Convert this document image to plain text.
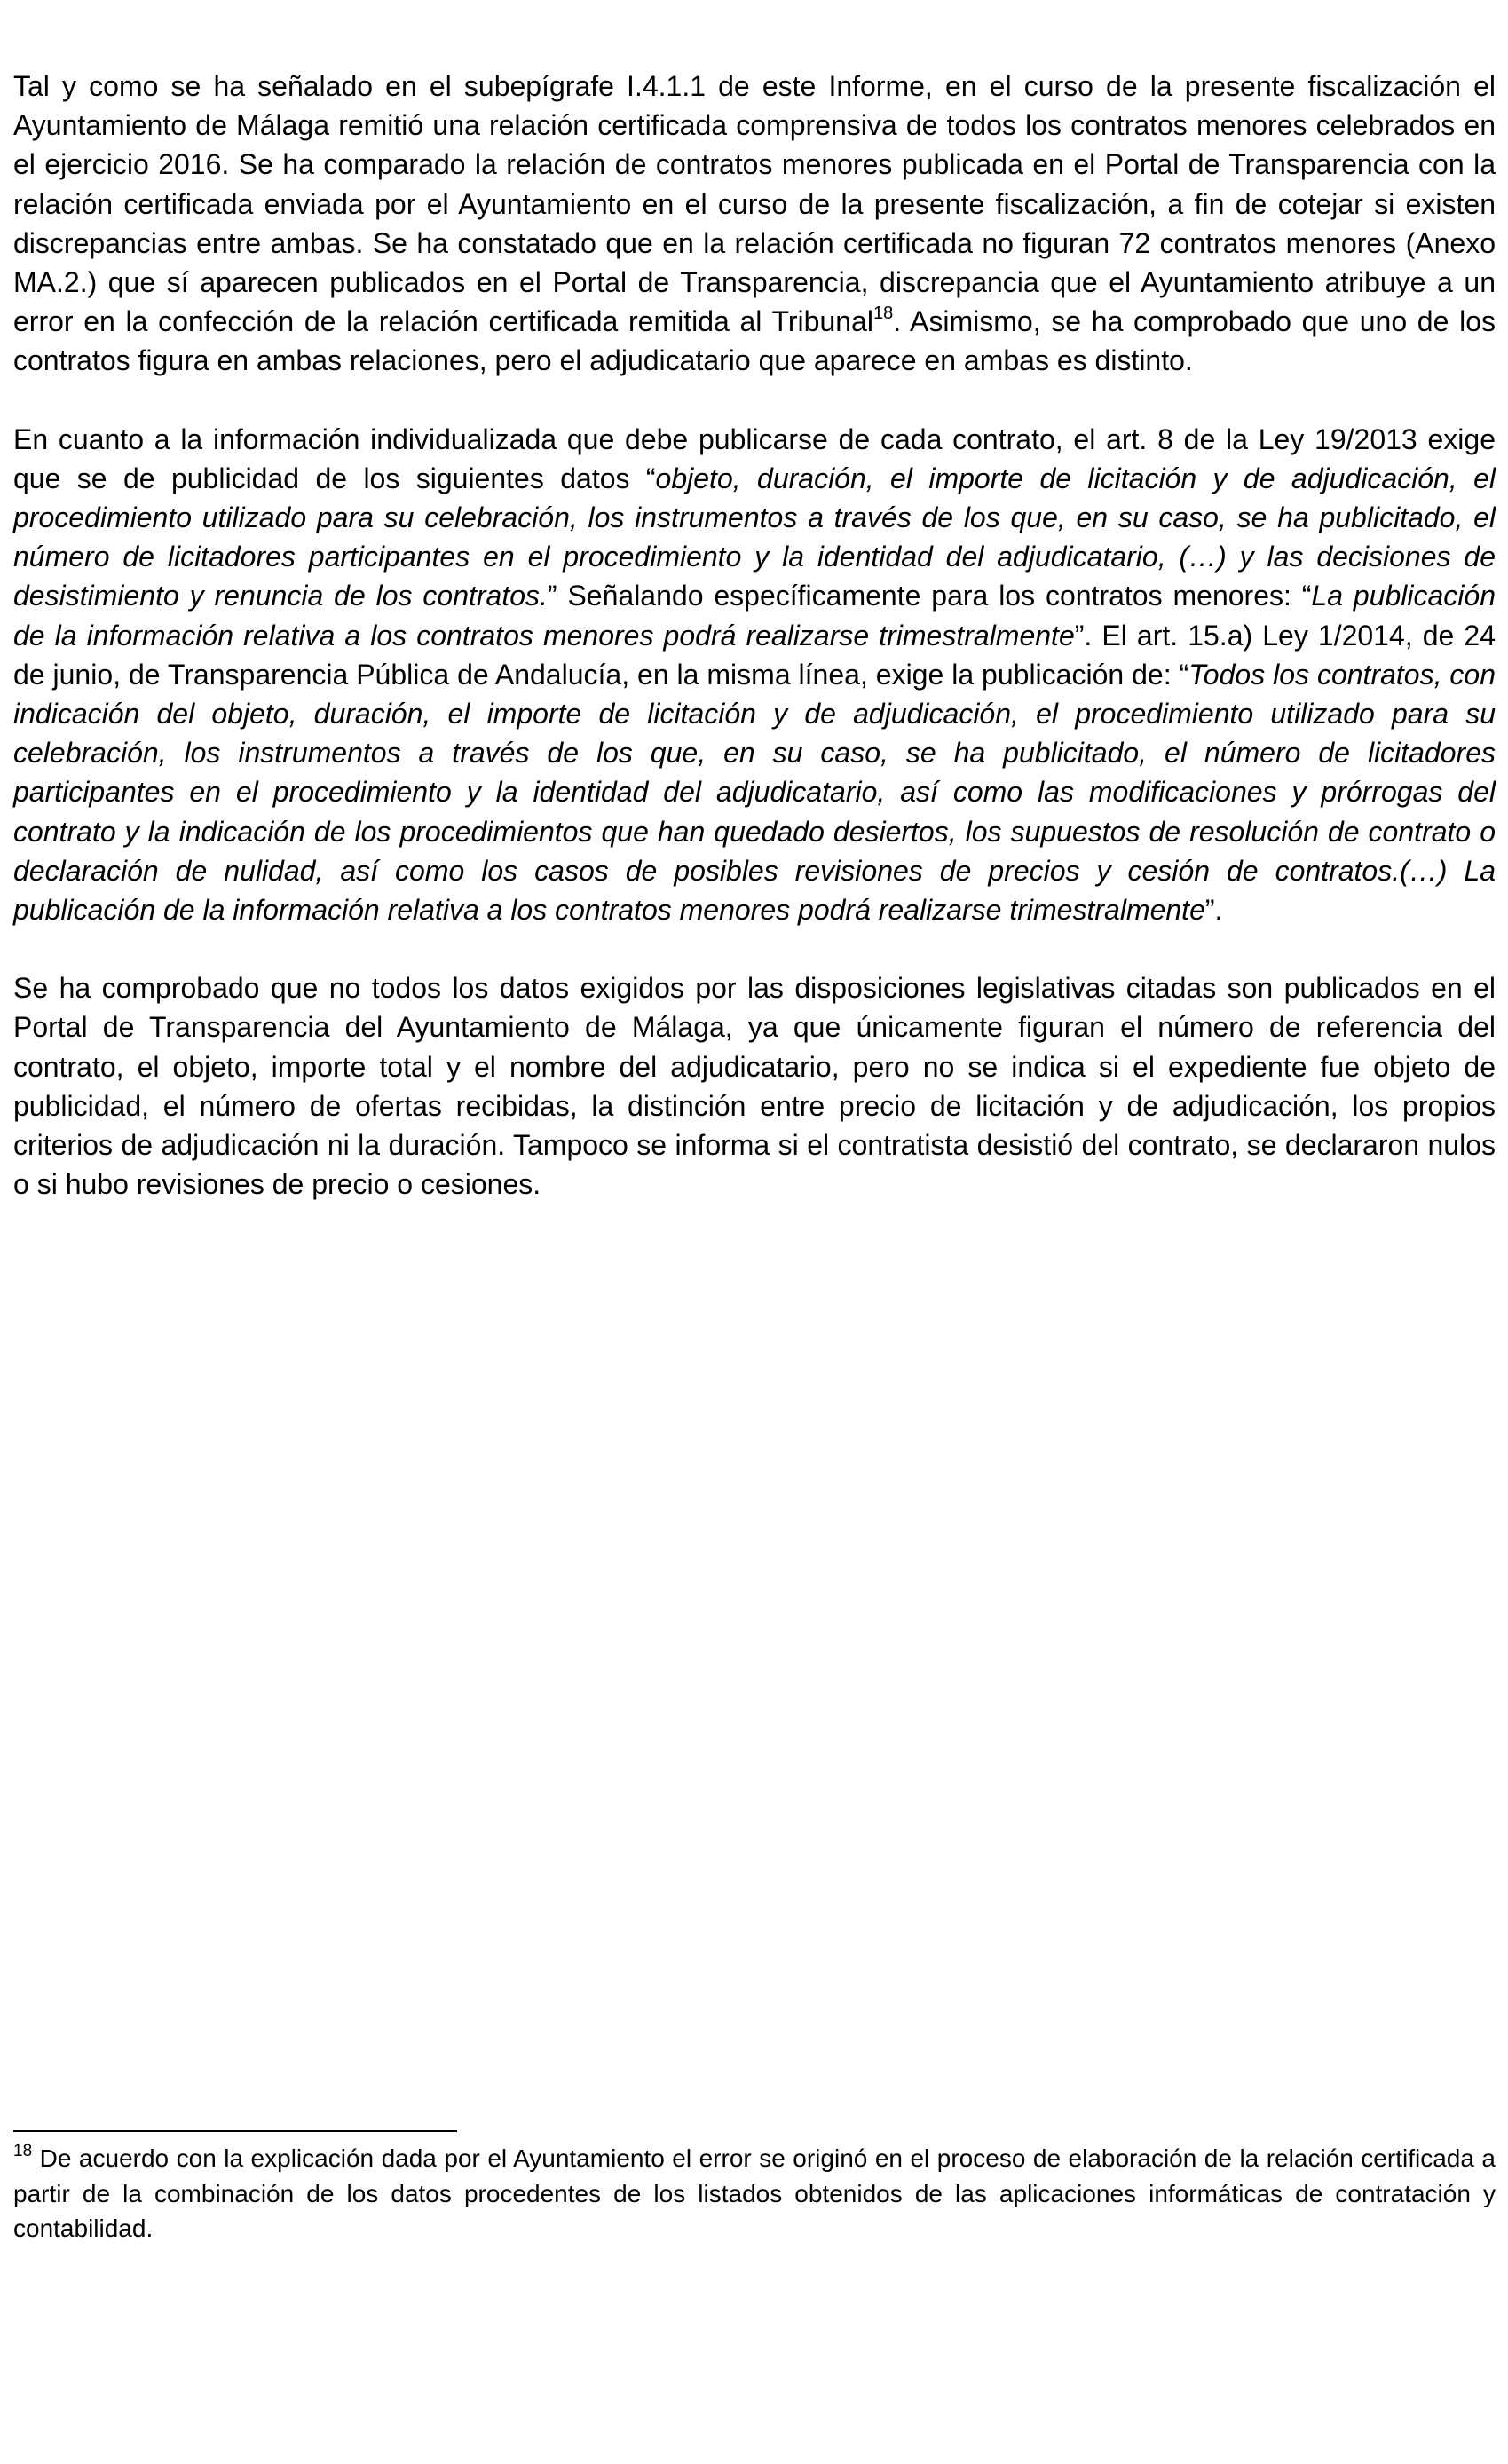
Tal y como se ha señalado en el subepígrafe I.4.1.1 de este Informe, en el curso de la presente fiscalización el Ayuntamiento de Málaga remitió una relación certificada comprensiva de todos los contratos menores celebrados en el ejercicio 2016. Se ha comparado la relación de contratos menores publicada en el Portal de Transparencia con la relación certificada enviada por el Ayuntamiento en el curso de la presente fiscalización, a fin de cotejar si existen discrepancias entre ambas. Se ha constatado que en la relación certificada no figuran 72 contratos menores (Anexo MA.2.) que sí aparecen publicados en el Portal de Transparencia, discrepancia que el Ayuntamiento atribuye a un error en la confección de la relación certificada remitida al Tribunal$^{18}$. Asimismo, se ha comprobado que uno de los contratos figura en ambas relaciones, pero el adjudicatario que aparece en ambas es distinto.

En cuanto a la información individualizada que debe publicarse de cada contrato, el art. 8 de la Ley 19/2013 exige que se de publicidad de los siguientes datos “objeto, duración, el importe de licitación y de adjudicación, el procedimiento utilizado para su celebración, los instrumentos a través de los que, en su caso, se ha publicitado, el número de licitadores participantes en el procedimiento y la identidad del adjudicatario, (…) y las decisiones de desistimiento y renuncia de los contratos.” Señalando específicamente para los contratos menores: “La publicación de la información relativa a los contratos menores podrá realizarse trimestralmente”. El art. 15.a) Ley 1/2014, de 24 de junio, de Transparencia Pública de Andalucía, en la misma línea, exige la publicación de: “Todos los contratos, con indicación del objeto, duración, el importe de licitación y de adjudicación, el procedimiento utilizado para su celebración, los instrumentos a través de los que, en su caso, se ha publicitado, el número de licitadores participantes en el procedimiento y la identidad del adjudicatario, así como las modificaciones y prórrogas del contrato y la indicación de los procedimientos que han quedado desiertos, los supuestos de resolución de contrato o declaración de nulidad, así como los casos de posibles revisiones de precios y cesión de contratos.(…) La publicación de la información relativa a los contratos menores podrá realizarse trimestralmente”.

Se ha comprobado que no todos los datos exigidos por las disposiciones legislativas citadas son publicados en el Portal de Transparencia del Ayuntamiento de Málaga, ya que únicamente figuran el número de referencia del contrato, el objeto, importe total y el nombre del adjudicatario, pero no se indica si el expediente fue objeto de publicidad, el número de ofertas recibidas, la distinción entre precio de licitación y de adjudicación, los propios criterios de adjudicación ni la duración. Tampoco se informa si el contratista desistió del contrato, se declararon nulos o si hubo revisiones de precio o cesiones.

$^{18}$ De acuerdo con la explicación dada por el Ayuntamiento el error se originó en el proceso de elaboración de la relación certificada a partir de la combinación de los datos procedentes de los listados obtenidos de las aplicaciones informáticas de contratación y contabilidad.
